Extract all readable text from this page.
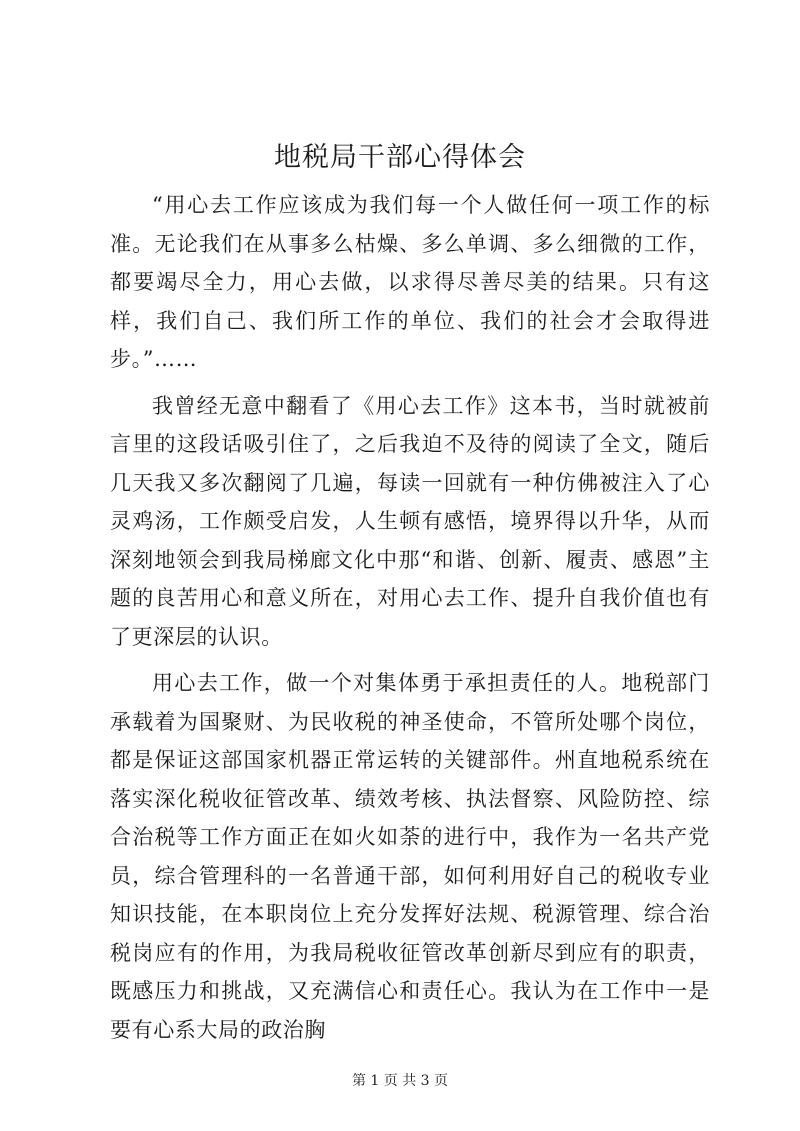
地税局干部心得体会

“用心去工作应该成为我们每一个人做任何一项工作的标准。无论我们在从事多么枯燥、多么单调、多么细微的工作，都要竭尽全力，用心去做，以求得尽善尽美的结果。只有这样，我们自己、我们所工作的单位、我们的社会才会取得进步。”……

我曾经无意中翻看了《用心去工作》这本书，当时就被前言里的这段话吸引住了，之后我迫不及待的阅读了全文，随后几天我又多次翻阅了几遍，每读一回就有一种仿佛被注入了心灵鸡汤，工作颇受启发，人生顿有感悟，境界得以升华，从而深刻地领会到我局梯廊文化中那“和谐、创新、履责、感恩”主题的良苦用心和意义所在，对用心去工作、提升自我价值也有了更深层的认识。

用心去工作，做一个对集体勇于承担责任的人。地税部门承载着为国聚财、为民收税的神圣使命，不管所处哪个岗位，都是保证这部国家机器正常运转的关键部件。州直地税系统在落实深化税收征管改革、绩效考核、执法督察、风险防控、综合治税等工作方面正在如火如荼的进行中，我作为一名共产党员，综合管理科的一名普通干部，如何利用好自己的税收专业知识技能，在本职岗位上充分发挥好法规、税源管理、综合治税岗应有的作用，为我局税收征管改革创新尽到应有的职责，既感压力和挑战，又充满信心和责任心。我认为在工作中一是要有心系大局的政治胸

第 1 页 共 3 页
